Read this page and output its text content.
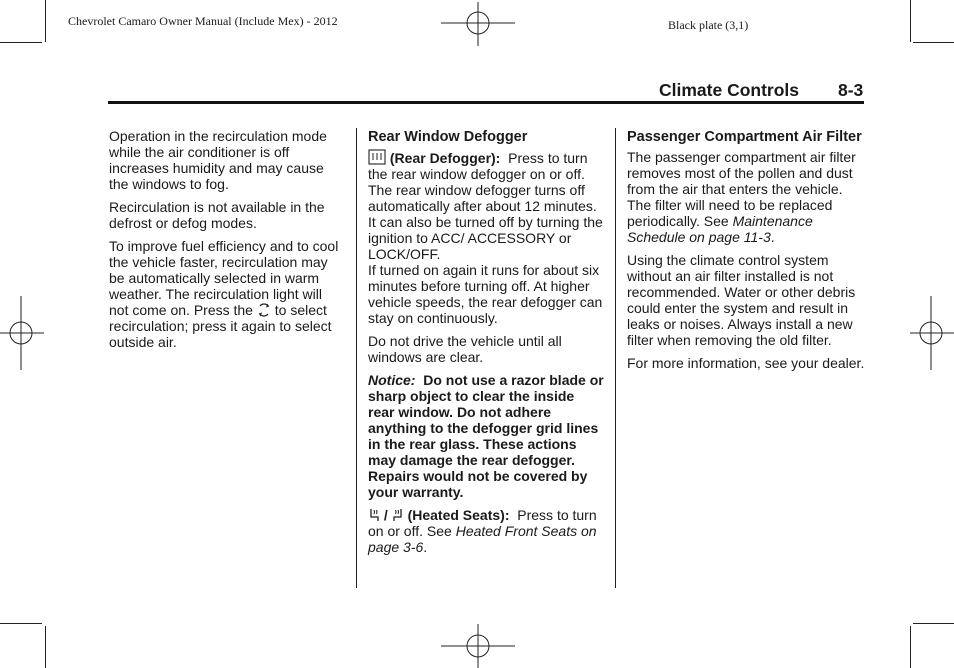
Chevrolet Camaro Owner Manual (Include Mex) - 2012	Black plate (3,1)
Climate Controls 8-3

Operation in the recirculation mode while the air conditioner is off increases humidity and may cause the windows to fog.

Recirculation is not available in the defrost or defog modes.

To improve fuel efficiency and to cool the vehicle faster, recirculation may be automatically selected in warm weather. The recirculation light will not come on. Press the to select recirculation; press it again to select outside air.

Rear Window Defogger
(Rear Defogger): Press to turn the rear window defogger on or off. The rear window defogger turns off automatically after about 12 minutes. It can also be turned off by turning the ignition to ACC/ ACCESSORY or LOCK/OFF.
If turned on again it runs for about six minutes before turning off. At higher vehicle speeds, the rear defogger can stay on continuously.

Do not drive the vehicle until all windows are clear.

Notice: Do not use a razor blade or sharp object to clear the inside rear window. Do not adhere anything to the defogger grid lines in the rear glass. These actions may damage the rear defogger. Repairs would not be covered by your warranty.

/ (Heated Seats): Press to turn on or off. See Heated Front Seats on page 3-6.

Passenger Compartment Air Filter

The passenger compartment air filter removes most of the pollen and dust from the air that enters the vehicle. The filter will need to be replaced periodically. See Maintenance Schedule on page 11-3.

Using the climate control system without an air filter installed is not recommended. Water or other debris could enter the system and result in leaks or noises. Always install a new filter when removing the old filter.

For more information, see your dealer.
